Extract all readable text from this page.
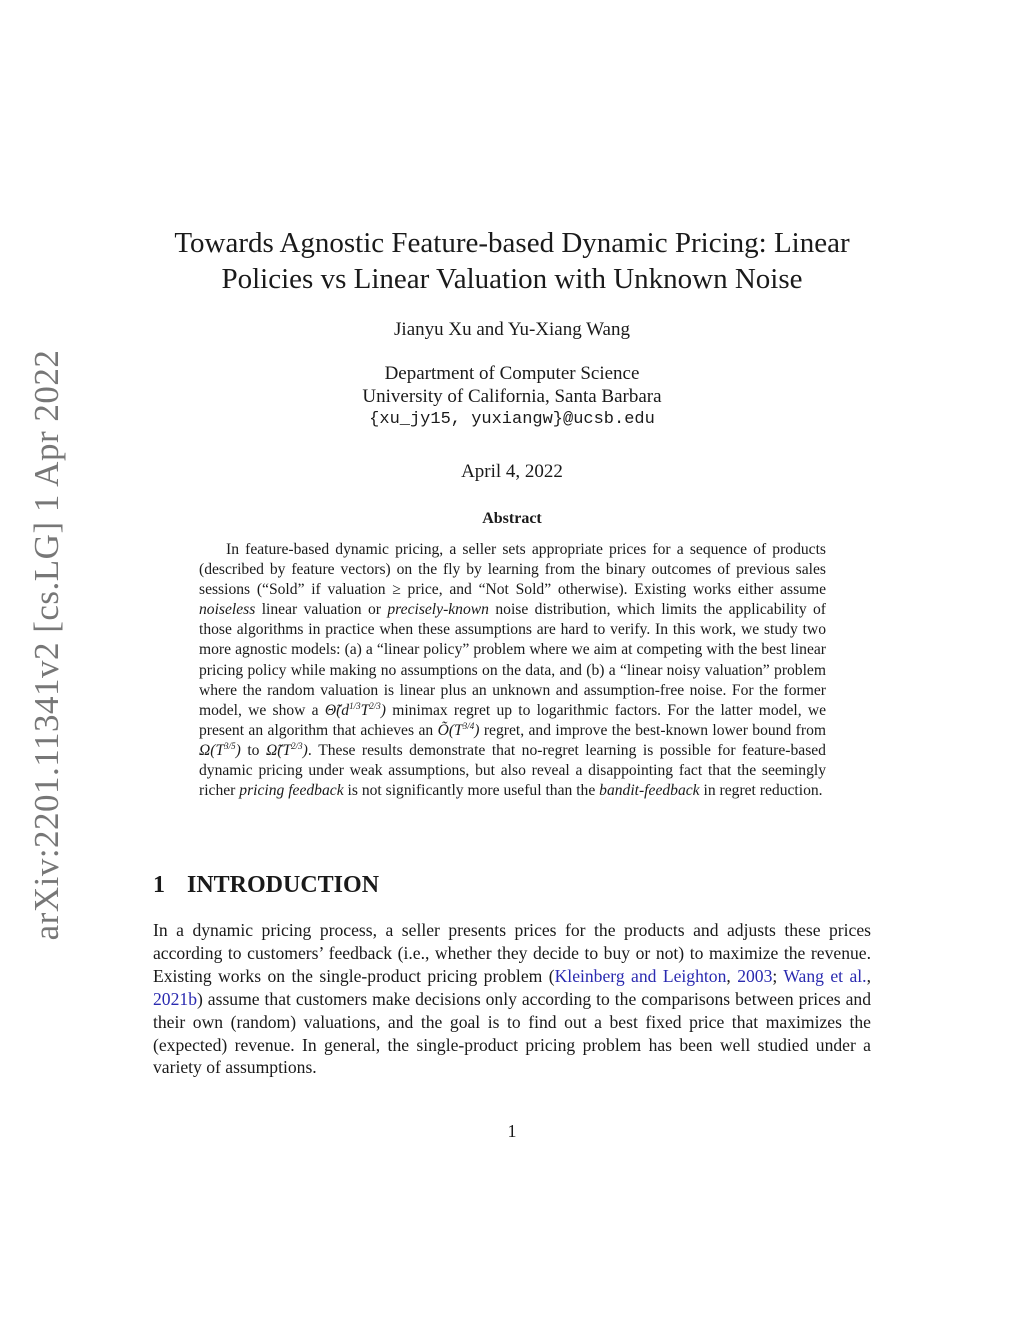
arXiv:2201.11341v2 [cs.LG] 1 Apr 2022
Towards Agnostic Feature-based Dynamic Pricing: Linear
Policies vs Linear Valuation with Unknown Noise
Jianyu Xu and Yu-Xiang Wang
Department of Computer Science
University of California, Santa Barbara
{xu_jy15, yuxiangw}@ucsb.edu
April 4, 2022
Abstract

In feature-based dynamic pricing, a seller sets appropriate prices for a sequence of products (described by feature vectors) on the fly by learning from the binary outcomes of previous sales sessions (“Sold” if valuation ≥ price, and “Not Sold” otherwise). Existing works either assume noiseless linear valuation or precisely-known noise distribution, which limits the applicability of those algorithms in practice when these assumptions are hard to verify. In this work, we study two more agnostic models: (a) a “linear policy” problem where we aim at competing with the best linear pricing policy while making no assumptions on the data, and (b) a “linear noisy valuation” problem where the random valuation is linear plus an unknown and assumption-free noise. For the former model, we show a $\Thetã(d^{1/3}T^{2/3})$ minimax regret up to logarithmic factors. For the latter model, we present an algorithm that achieves an $Õ(T^{3/4})$ regret, and improve the best-known lower bound from $\Omega(T^{3/5})$ to $\Omegã(T^{2/3})$. These results demonstrate that no-regret learning is possible for feature-based dynamic pricing under weak assumptions, but also reveal a disappointing fact that the seemingly richer pricing feedback is not significantly more useful than the bandit-feedback in regret reduction.

1 INTRODUCTION

In a dynamic pricing process, a seller presents prices for the products and adjusts these prices according to customers’ feedback (i.e., whether they decide to buy or not) to maximize the revenue. Existing works on the single-product pricing problem (Kleinberg and Leighton, 2003; Wang et al., 2021b) assume that customers make decisions only according to the comparisons between prices and their own (random) valuations, and the goal is to find out a best fixed price that maximizes the (expected) revenue. In general, the single-product pricing problem has been well studied under a variety of assumptions.

1
